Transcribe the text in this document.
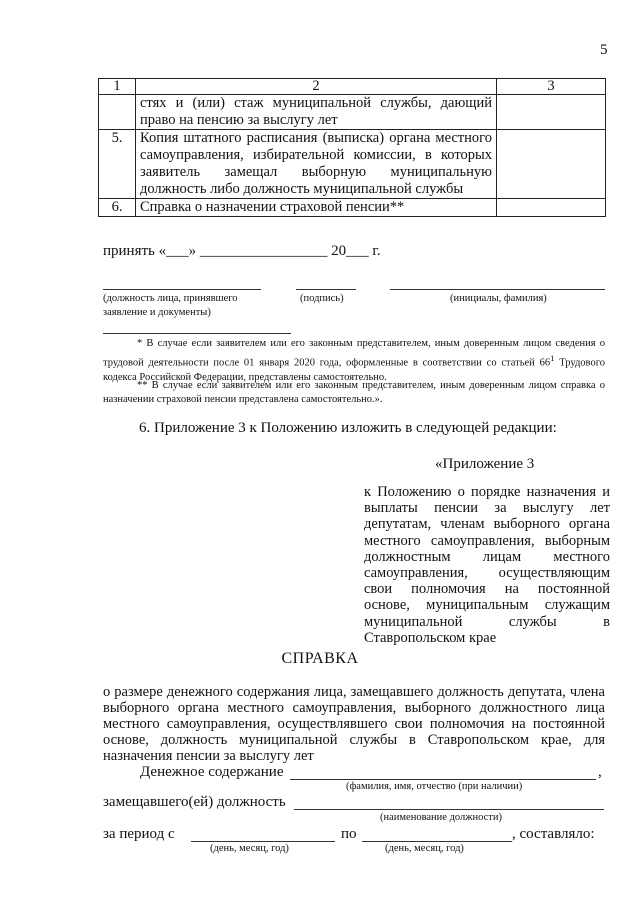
5
1	2	3
	стях и (или) стаж муниципальной службы, дающий право на пенсию за выслугу лет	
5.	Копия штатного расписания (выписка) органа местного самоуправления, избирательной комиссии, в которых заявитель замещал выборную муниципальную должность либо должность муниципальной службы	
6.	Справка о назначении страховой пенсии**	
принять «___» _________________ 20___ г.
(должность лица, принявшего заявление и документы)
(подпись)	(инициалы, фамилия)
* В случае если заявителем или его законным представителем, иным доверенным лицом сведения о трудовой деятельности после 01 января 2020 года, оформленные в соответствии со статьей $66^1$ Трудового кодекса Российской Федерации, представлены самостоятельно.
** В случае если заявителем или его законным представителем, иным доверенным лицом справка о назначении страховой пенсии представлена самостоятельно.».
6. Приложение 3 к Положению изложить в следующей редакции:
«Приложение 3
к Положению о порядке назначения и выплаты пенсии за выслугу лет депутатам, членам выборного органа местного самоуправления, выборным должностным лицам местного самоуправления, осуществляющим свои полномочия на постоянной основе, муниципальным служащим муниципальной службы в Ставропольском крае
СПРАВКА
о размере денежного содержания лица, замещавшего должность депутата, члена выборного органа местного самоуправления, выборного должностного лица местного самоуправления, осуществлявшего свои полномочия на постоянной основе, должность муниципальной службы в Ставропольском крае, для назначения пенсии за выслугу лет
Денежное содержание	,
(фамилия, имя, отчество (при наличии)
замещавшего(ей) должность
(наименование должности)
за период с	по	, составляло:
(день, месяц, год)	(день, месяц, год)
